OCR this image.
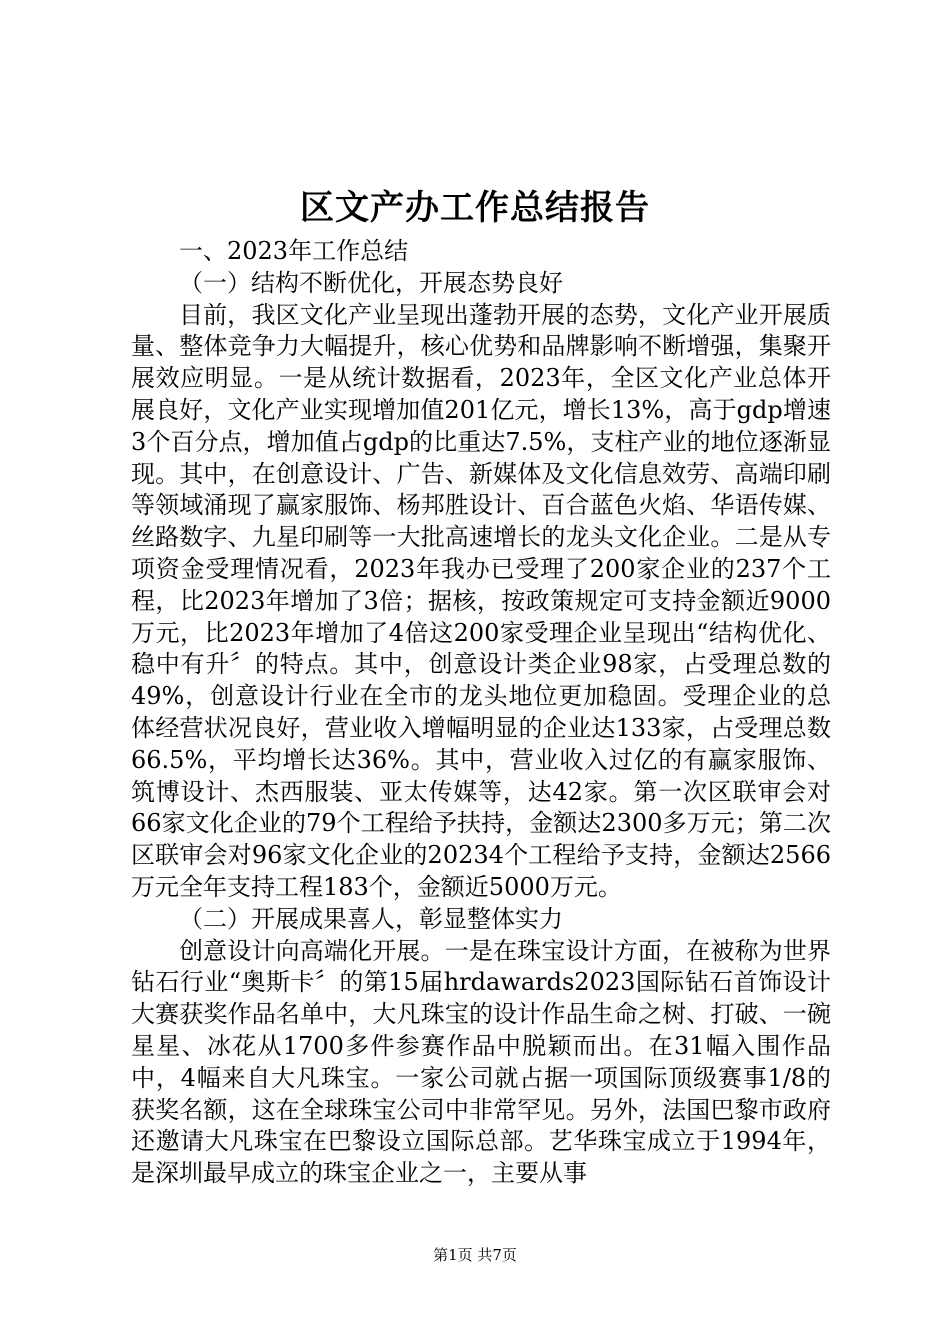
区文产办工作总结报告

一、2023年工作总结

（一）结构不断优化，开展态势良好

目前，我区文化产业呈现出蓬勃开展的态势，文化产业开展质量、整体竞争力大幅提升，核心优势和品牌影响不断增强，集聚开展效应明显。一是从统计数据看，2023年，全区文化产业总体开展良好，文化产业实现增加值201亿元，增长13%，高于gdp增速3个百分点，增加值占gdp的比重达7.5%，支柱产业的地位逐渐显现。其中，在创意设计、广告、新媒体及文化信息效劳、高端印刷等领域涌现了赢家服饰、杨邦胜设计、百合蓝色火焰、华语传媒、丝路数字、九星印刷等一大批高速增长的龙头文化企业。二是从专项资金受理情况看，2023年我办已受理了200家企业的237个工程，比2023年增加了3倍；据核，按政策规定可支持金额近9000万元，比2023年增加了4倍这200家受理企业呈现出“结构优化、稳中有升〞的特点。其中，创意设计类企业98家，占受理总数的49%，创意设计行业在全市的龙头地位更加稳固。受理企业的总体经营状况良好，营业收入增幅明显的企业达133家，占受理总数66.5%，平均增长达36%。其中，营业收入过亿的有赢家服饰、筑博设计、杰西服装、亚太传媒等，达42家。第一次区联审会对66家文化企业的79个工程给予扶持，金额达2300多万元；第二次区联审会对96家文化企业的20234个工程给予支持，金额达2566万元全年支持工程183个，金额近5000万元。

（二）开展成果喜人，彰显整体实力

创意设计向高端化开展。一是在珠宝设计方面，在被称为世界钻石行业“奥斯卡〞的第15届hrdawards2023国际钻石首饰设计大赛获奖作品名单中，大凡珠宝的设计作品生命之树、打破、一碗星星、冰花从1700多件参赛作品中脱颖而出。在31幅入围作品中，4幅来自大凡珠宝。一家公司就占据一项国际顶级赛事1/8的获奖名额，这在全球珠宝公司中非常罕见。另外，法国巴黎市政府还邀请大凡珠宝在巴黎设立国际总部。艺华珠宝成立于1994年，是深圳最早成立的珠宝企业之一，主要从事

第1页 共7页
